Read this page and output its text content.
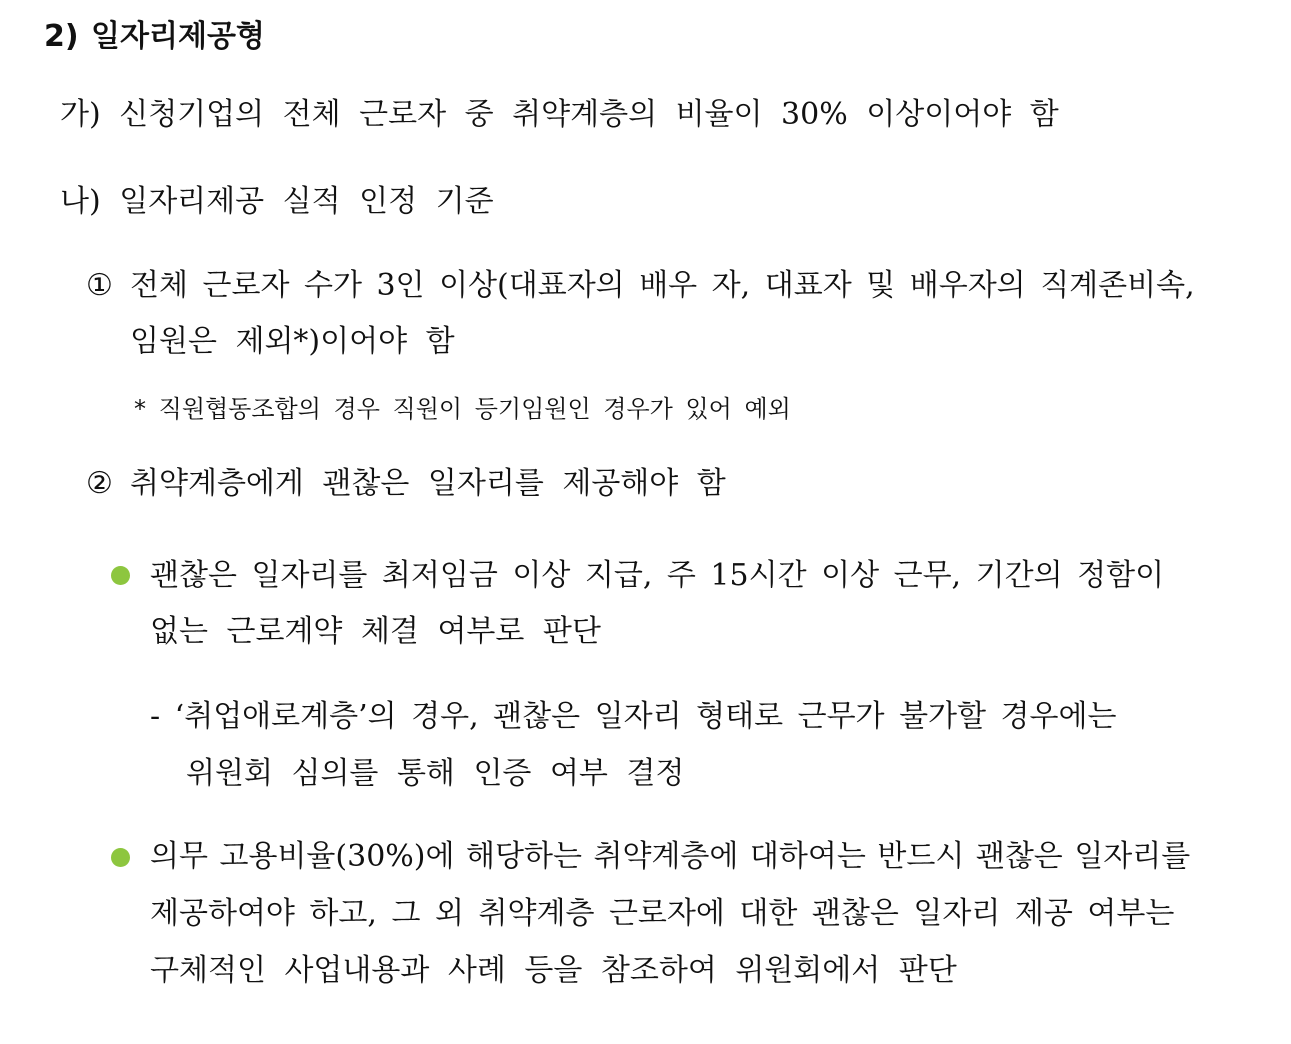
2) 일자리제공형
가) 신청기업의 전체 근로자 중 취약계층의 비율이 30% 이상이어야 함
나) 일자리제공 실적 인정 기준
① 전체 근로자 수가 3인 이상(대표자의 배우 자, 대표자 및 배우자의 직계존비속,
임원은 제외*)이어야 함
* 직원협동조합의 경우 직원이 등기임원인 경우가 있어 예외
② 취약계층에게 괜찮은 일자리를 제공해야 함
괜찮은 일자리를 최저임금 이상 지급, 주 15시간 이상 근무, 기간의 정함이
없는 근로계약 체결 여부로 판단
- ‘취업애로계층’의 경우, 괜찮은 일자리 형태로 근무가 불가할 경우에는
위원회 심의를 통해 인증 여부 결정
의무 고용비율(30%)에 해당하는 취약계층에 대하여는 반드시 괜찮은 일자리를
제공하여야 하고, 그 외 취약계층 근로자에 대한 괜찮은 일자리 제공 여부는
구체적인 사업내용과 사례 등을 참조하여 위원회에서 판단
